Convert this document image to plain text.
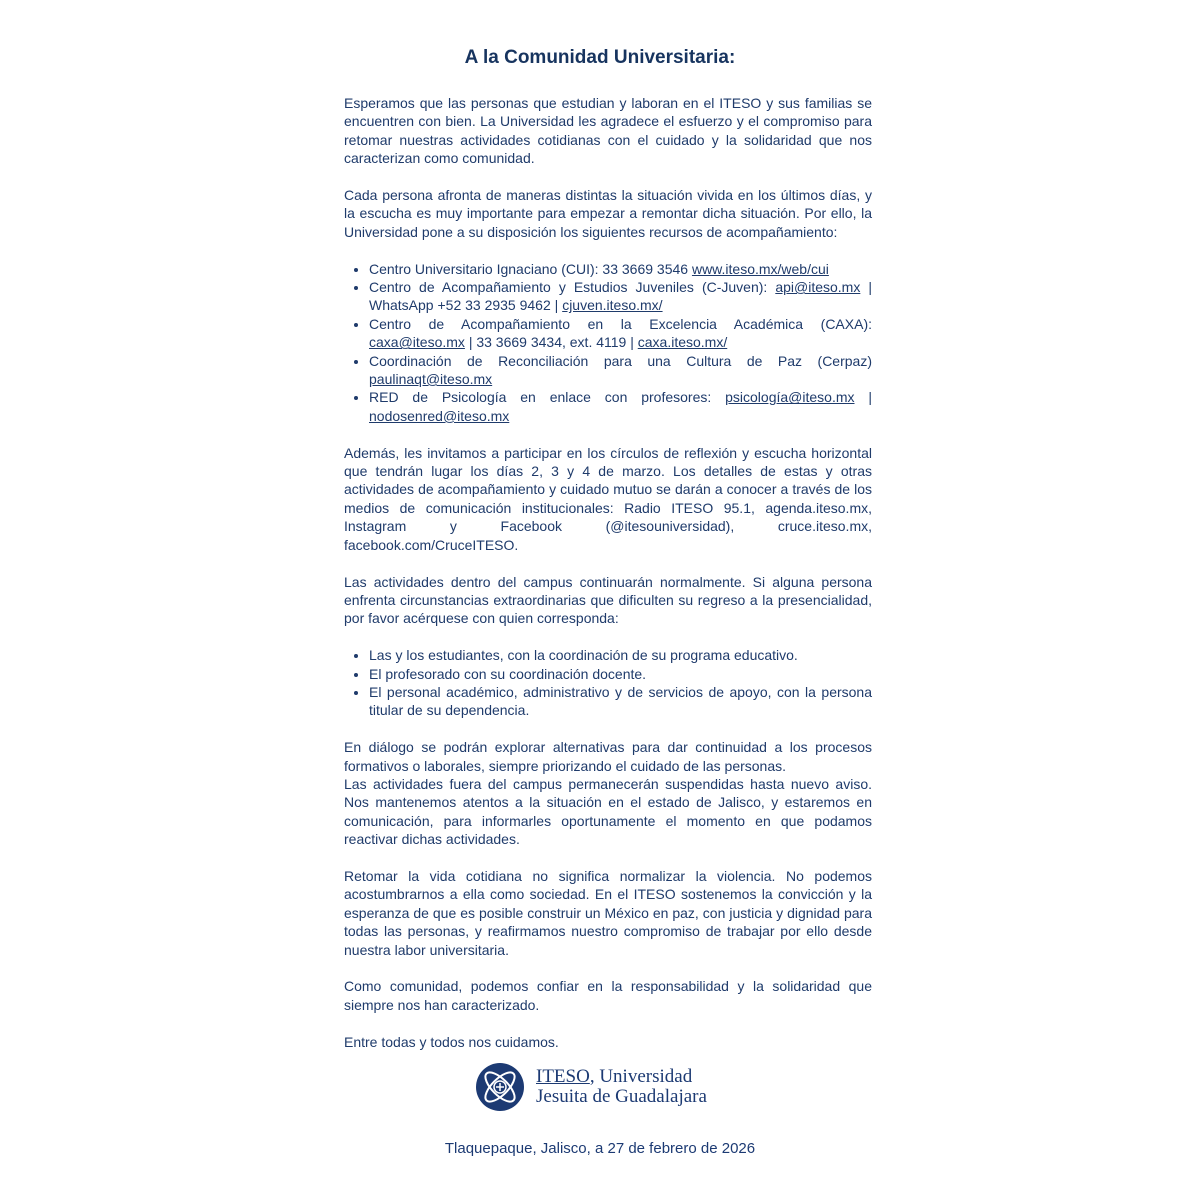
A la Comunidad Universitaria:

Esperamos que las personas que estudian y laboran en el ITESO y sus familias se encuentren con bien. La Universidad les agradece el esfuerzo y el compromiso para retomar nuestras actividades cotidianas con el cuidado y la solidaridad que nos caracterizan como comunidad.

Cada persona afronta de maneras distintas la situación vivida en los últimos días, y la escucha es muy importante para empezar a remontar dicha situación. Por ello, la Universidad pone a su disposición los siguientes recursos de acompañamiento:

• Centro Universitario Ignaciano (CUI): 33 3669 3546 www.iteso.mx/web/cui
• Centro de Acompañamiento y Estudios Juveniles (C-Juven): api@iteso.mx | WhatsApp +52 33 2935 9462 | cjuven.iteso.mx/
• Centro de Acompañamiento en la Excelencia Académica (CAXA): caxa@iteso.mx | 33 3669 3434, ext. 4119 | caxa.iteso.mx/
• Coordinación de Reconciliación para una Cultura de Paz (Cerpaz) paulinaqt@iteso.mx
• RED de Psicología en enlace con profesores: psicología@iteso.mx | nodosenred@iteso.mx

Además, les invitamos a participar en los círculos de reflexión y escucha horizontal que tendrán lugar los días 2, 3 y 4 de marzo. Los detalles de estas y otras actividades de acompañamiento y cuidado mutuo se darán a conocer a través de los medios de comunicación institucionales: Radio ITESO 95.1, agenda.iteso.mx, Instagram y Facebook (@itesouniversidad), cruce.iteso.mx, facebook.com/CruceITESO.

Las actividades dentro del campus continuarán normalmente. Si alguna persona enfrenta circunstancias extraordinarias que dificulten su regreso a la presencialidad, por favor acérquese con quien corresponda:

• Las y los estudiantes, con la coordinación de su programa educativo.
• El profesorado con su coordinación docente.
• El personal académico, administrativo y de servicios de apoyo, con la persona titular de su dependencia.

En diálogo se podrán explorar alternativas para dar continuidad a los procesos formativos o laborales, siempre priorizando el cuidado de las personas.

Las actividades fuera del campus permanecerán suspendidas hasta nuevo aviso. Nos mantenemos atentos a la situación en el estado de Jalisco, y estaremos en comunicación, para informarles oportunamente el momento en que podamos reactivar dichas actividades.

Retomar la vida cotidiana no significa normalizar la violencia. No podemos acostumbrarnos a ella como sociedad. En el ITESO sostenemos la convicción y la esperanza de que es posible construir un México en paz, con justicia y dignidad para todas las personas, y reafirmamos nuestro compromiso de trabajar por ello desde nuestra labor universitaria.

Como comunidad, podemos confiar en la responsabilidad y la solidaridad que siempre nos han caracterizado.

Entre todas y todos nos cuidamos.

ITESO, Universidad
Jesuita de Guadalajara
Tlaquepaque, Jalisco, a 27 de febrero de 2026
